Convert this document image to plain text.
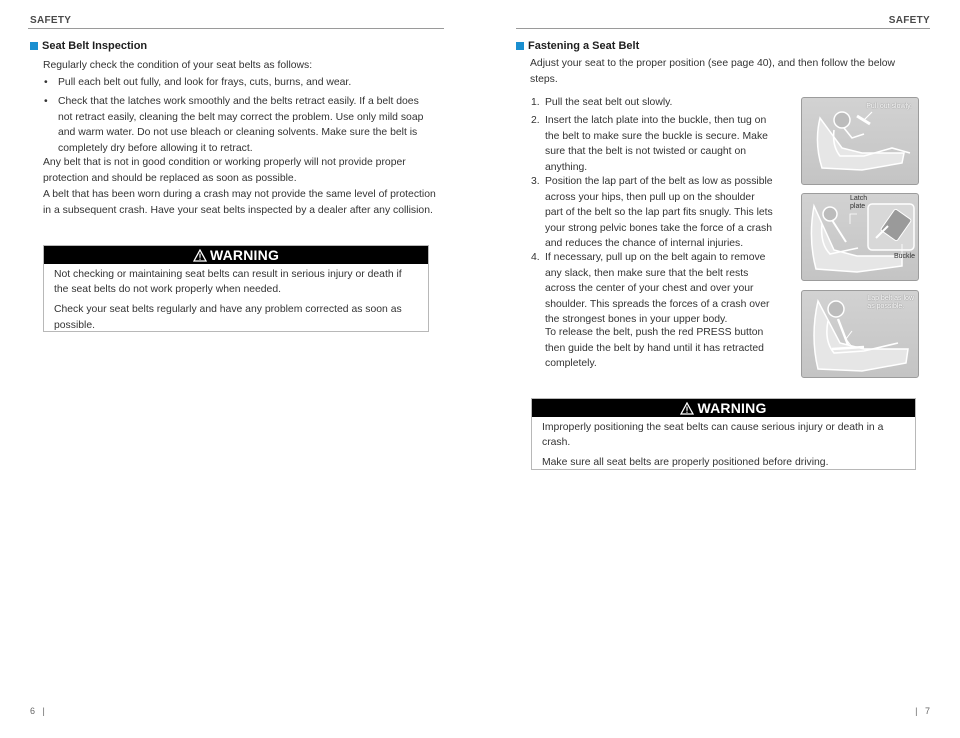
SAFETY
Seat Belt Inspection
Regularly check the condition of your seat belts as follows:
• Pull each belt out fully, and look for frays, cuts, burns, and wear.
• Check that the latches work smoothly and the belts retract easily. If a belt does
not retract easily, cleaning the belt may correct the problem. Use only mild soap
and warm water. Do not use bleach or cleaning solvents. Make sure the belt is
completely dry before allowing it to retract.
Any belt that is not in good condition or working properly will not provide proper
protection and should be replaced as soon as possible.
A belt that has been worn during a crash may not provide the same level of protection
in a subsequent crash. Have your seat belts inspected by a dealer after any collision.
WARNING

Not checking or maintaining seat belts can result in serious injury or death if
the seat belts do not work properly when needed.

Check your seat belts regularly and have any problem corrected as soon as
possible.

6 |
SAFETY
Fastening a Seat Belt
Adjust your seat to the proper position (see page 40), and then follow the below
steps.
1. Pull the seat belt out slowly.
2. Insert the latch plate into the buckle, then tug on
the belt to make sure the buckle is secure. Make
sure that the belt is not twisted or caught on
anything.
3. Position the lap part of the belt as low as possible
across your hips, then pull up on the shoulder
part of the belt so the lap part fits snugly. This lets
your strong pelvic bones take the force of a crash
and reduces the chance of internal injuries.
4. If necessary, pull up on the belt again to remove
any slack, then make sure that the belt rests
across the center of your chest and over your
shoulder. This spreads the forces of a crash over
the strongest bones in your upper body.
To release the belt, push the red PRESS button
then guide the belt by hand until it has retracted
completely.
Pull out slowly.
Latch
plate
Buckle
Lap belt as low
as possible.
WARNING

Improperly positioning the seat belts can cause serious injury or death in a
crash.

Make sure all seat belts are properly positioned before driving.

| 7
